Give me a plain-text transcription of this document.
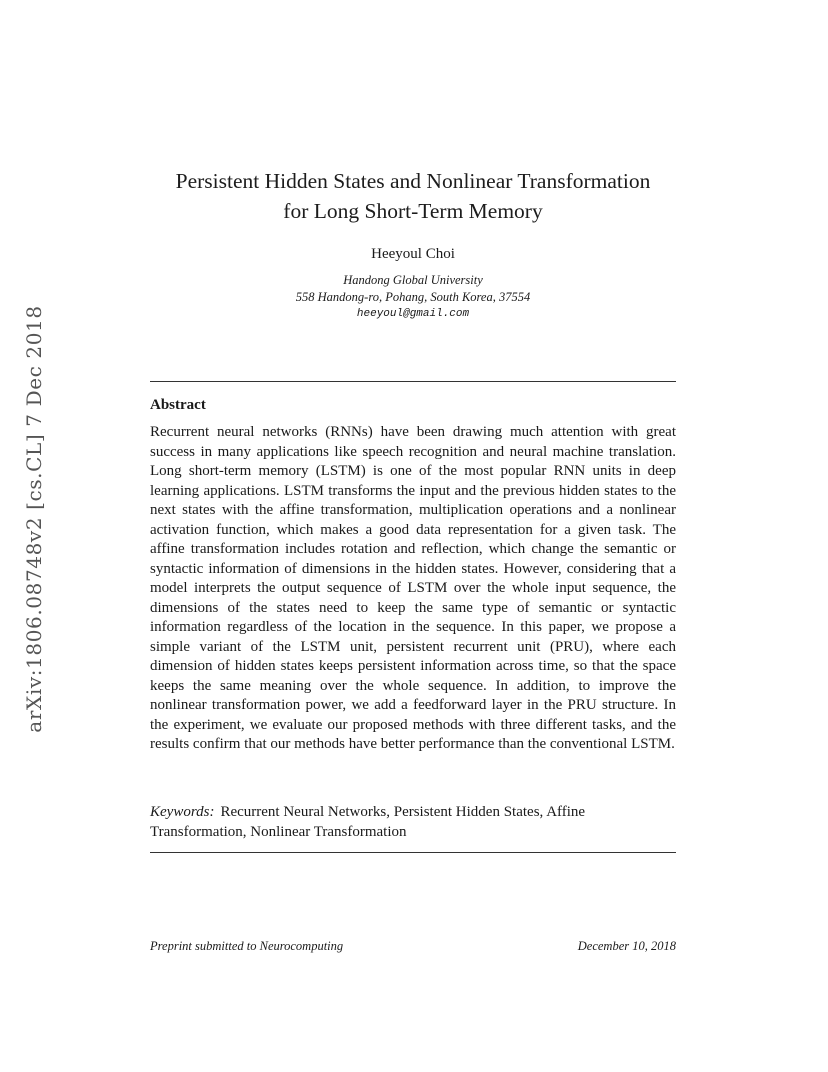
arXiv:1806.08748v2 [cs.CL] 7 Dec 2018
Persistent Hidden States and Nonlinear Transformation
for Long Short-Term Memory
Heeyoul Choi
Handong Global University
558 Handong-ro, Pohang, South Korea, 37554
heeyoul@gmail.com
Abstract
Recurrent neural networks (RNNs) have been drawing much attention with great success in many applications like speech recognition and neural machine translation. Long short-term memory (LSTM) is one of the most popular RNN units in deep learning applications. LSTM transforms the input and the previous hidden states to the next states with the affine transformation, multiplication operations and a nonlinear activation function, which makes a good data representation for a given task. The affine transformation includes rotation and reflection, which change the semantic or syntactic information of dimensions in the hidden states. However, considering that a model interprets the output sequence of LSTM over the whole input sequence, the dimensions of the states need to keep the same type of semantic or syntactic information regardless of the location in the sequence. In this paper, we propose a simple variant of the LSTM unit, persistent recurrent unit (PRU), where each dimension of hidden states keeps persistent information across time, so that the space keeps the same meaning over the whole sequence. In addition, to improve the nonlinear transformation power, we add a feedforward layer in the PRU structure. In the experiment, we evaluate our proposed methods with three different tasks, and the results confirm that our methods have better performance than the conventional LSTM.
Keywords: Recurrent Neural Networks, Persistent Hidden States, Affine Transformation, Nonlinear Transformation
Preprint submitted to Neurocomputing	December 10, 2018
